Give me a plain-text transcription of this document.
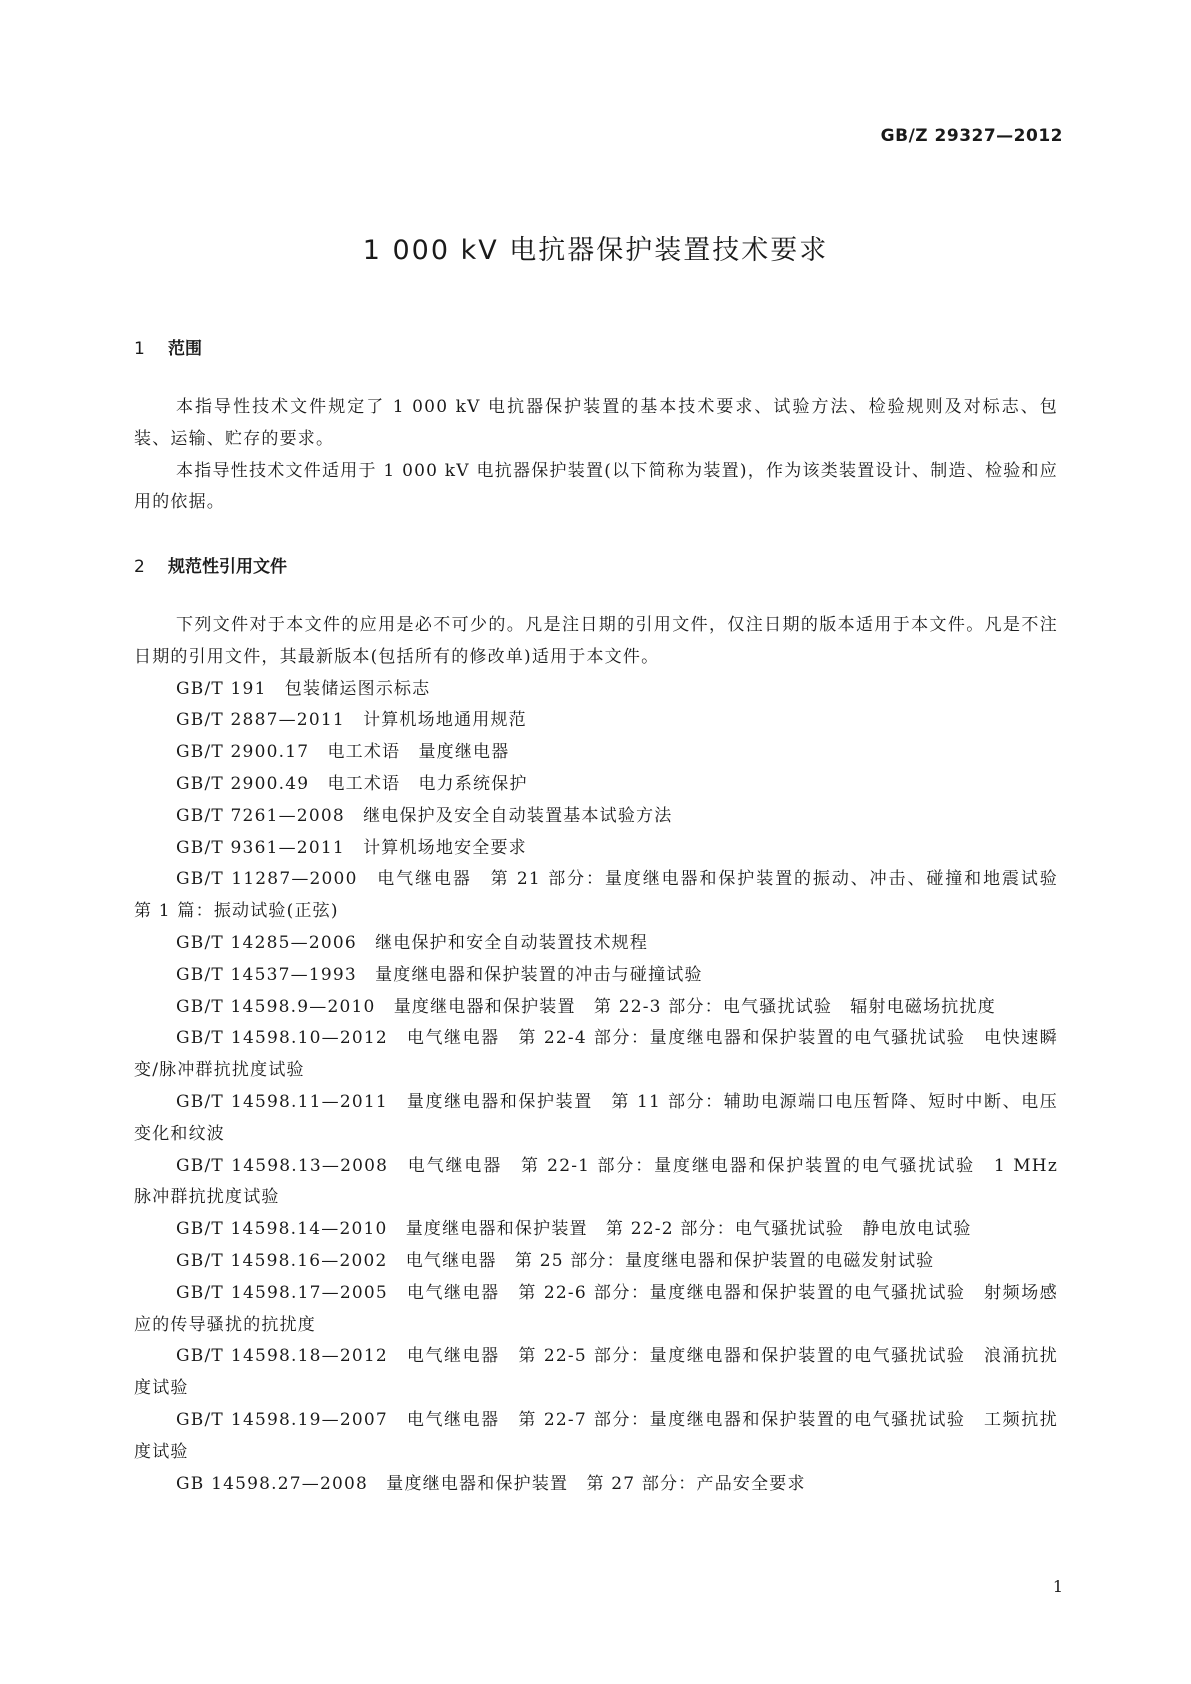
GB/Z 29327—2012
1 000 kV 电抗器保护装置技术要求
1 范围

本指导性技术文件规定了 1 000 kV 电抗器保护装置的基本技术要求、试验方法、检验规则及对标志、包装、运输、贮存的要求。

本指导性技术文件适用于 1 000 kV 电抗器保护装置(以下简称为装置)，作为该类装置设计、制造、检验和应用的依据。

2 规范性引用文件

下列文件对于本文件的应用是必不可少的。凡是注日期的引用文件，仅注日期的版本适用于本文件。凡是不注日期的引用文件，其最新版本(包括所有的修改单)适用于本文件。

GB/T 191　包装储运图示标志

GB/T 2887—2011　计算机场地通用规范

GB/T 2900.17　电工术语　量度继电器

GB/T 2900.49　电工术语　电力系统保护

GB/T 7261—2008　继电保护及安全自动装置基本试验方法

GB/T 9361—2011　计算机场地安全要求

GB/T 11287—2000　电气继电器　第 21 部分：量度继电器和保护装置的振动、冲击、碰撞和地震试验　第 1 篇：振动试验(正弦)

GB/T 14285—2006　继电保护和安全自动装置技术规程

GB/T 14537—1993　量度继电器和保护装置的冲击与碰撞试验

GB/T 14598.9—2010　量度继电器和保护装置　第 22-3 部分：电气骚扰试验　辐射电磁场抗扰度

GB/T 14598.10—2012　电气继电器　第 22-4 部分：量度继电器和保护装置的电气骚扰试验　电快速瞬变/脉冲群抗扰度试验

GB/T 14598.11—2011　量度继电器和保护装置　第 11 部分：辅助电源端口电压暂降、短时中断、电压变化和纹波

GB/T 14598.13—2008　电气继电器　第 22-1 部分：量度继电器和保护装置的电气骚扰试验　1 MHz 脉冲群抗扰度试验

GB/T 14598.14—2010　量度继电器和保护装置　第 22-2 部分：电气骚扰试验　静电放电试验

GB/T 14598.16—2002　电气继电器　第 25 部分：量度继电器和保护装置的电磁发射试验

GB/T 14598.17—2005　电气继电器　第 22-6 部分：量度继电器和保护装置的电气骚扰试验　射频场感应的传导骚扰的抗扰度

GB/T 14598.18—2012　电气继电器　第 22-5 部分：量度继电器和保护装置的电气骚扰试验　浪涌抗扰度试验

GB/T 14598.19—2007　电气继电器　第 22-7 部分：量度继电器和保护装置的电气骚扰试验　工频抗扰度试验

GB 14598.27—2008　量度继电器和保护装置　第 27 部分：产品安全要求

1
